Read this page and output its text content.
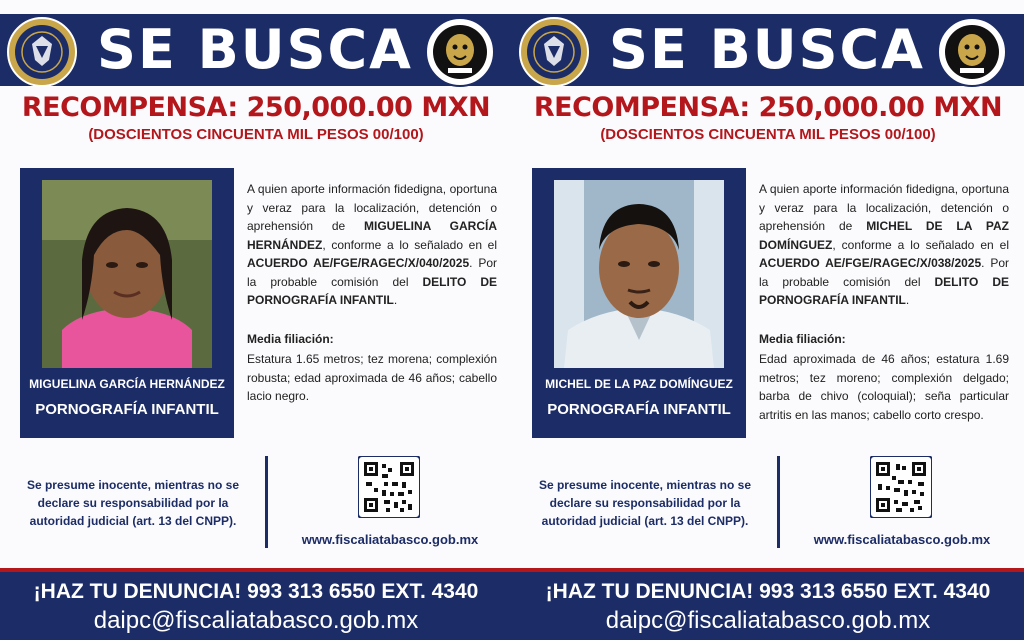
SE BUSCA
RECOMPENSA: 250,000.00 MXN
(DOSCIENTOS CINCUENTA MIL PESOS 00/100)
MIGUELINA GARCÍA HERNÁNDEZ
PORNOGRAFÍA INFANTIL
A quien aporte información fidedigna, oportuna y veraz para la localización, detención o aprehensión de MIGUELINA GARCÍA HERNÁNDEZ, conforme a lo señalado en el ACUERDO AE/FGE/RAGEC/X/040/2025. Por la probable comisión del DELITO DE PORNOGRAFÍA INFANTIL.
Media filiación:
Estatura 1.65 metros; tez morena; complexión robusta; edad aproximada de 46 años; cabello lacio negro.
Se presume inocente, mientras no se declare su responsabilidad por la autoridad judicial (art. 13 del CNPP).
www.fiscaliatabasco.gob.mx
¡HAZ TU DENUNCIA! 993 313 6550 EXT. 4340
daipc@fiscaliatabasco.gob.mx
SE BUSCA
RECOMPENSA: 250,000.00 MXN
(DOSCIENTOS CINCUENTA MIL PESOS 00/100)
MICHEL DE LA PAZ DOMÍNGUEZ
PORNOGRAFÍA INFANTIL
A quien aporte información fidedigna, oportuna y veraz para la localización, detención o aprehensión de MICHEL DE LA PAZ DOMÍNGUEZ, conforme a lo señalado en el ACUERDO AE/FGE/RAGEC/X/038/2025. Por la probable comisión del DELITO DE PORNOGRAFÍA INFANTIL.
Media filiación:
Edad aproximada de 46 años; estatura 1.69 metros; tez moreno; complexión delgado; barba de chivo (coloquial); seña particular artritis en las manos; cabello corto crespo.
Se presume inocente, mientras no se declare su responsabilidad por la autoridad judicial (art. 13 del CNPP).
www.fiscaliatabasco.gob.mx
¡HAZ TU DENUNCIA! 993 313 6550 EXT. 4340
daipc@fiscaliatabasco.gob.mx
